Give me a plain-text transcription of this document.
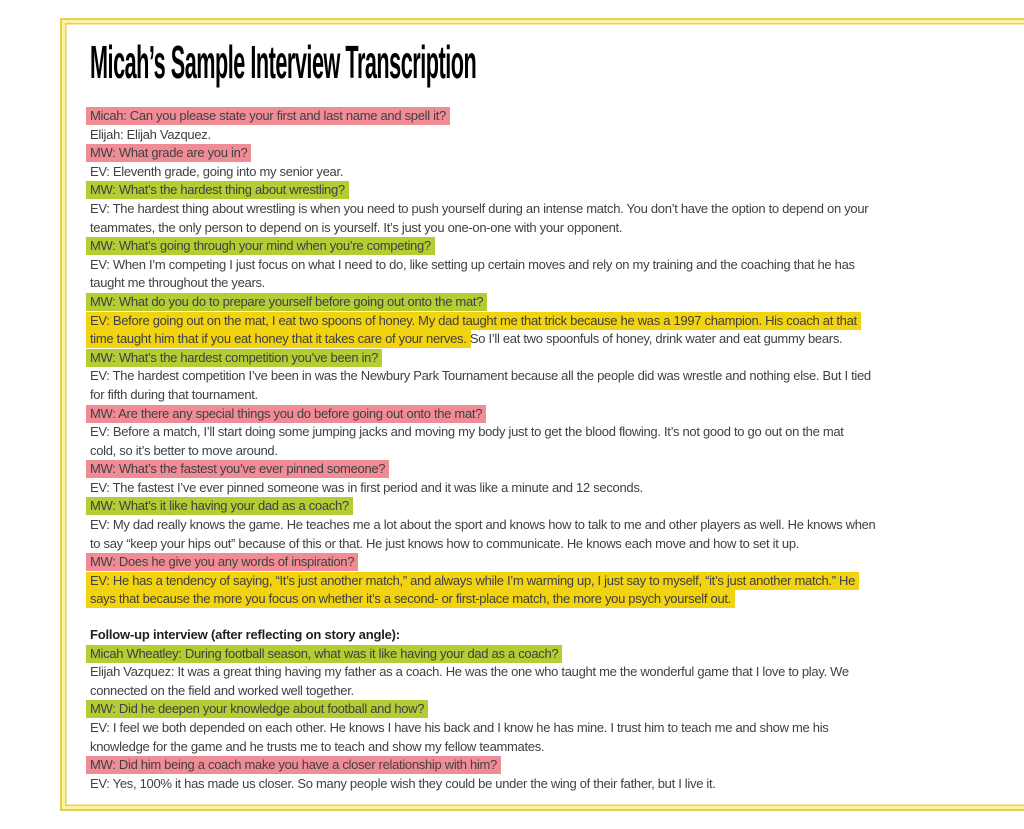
Micah’s Sample Interview Transcription
Micah: Can you please state your first and last name and spell it?
Elijah: Elijah Vazquez.
MW: What grade are you in?
EV: Eleventh grade, going into my senior year.
MW: What’s the hardest thing about wrestling?
EV: The hardest thing about wrestling is when you need to push yourself during an intense match. You don’t have the option to depend on your
teammates, the only person to depend on is yourself. It’s just you one-on-one with your opponent.
MW: What’s going through your mind when you’re competing?
EV: When I’m competing I just focus on what I need to do, like setting up certain moves and rely on my training and the coaching that he has
taught me throughout the years.
MW: What do you do to prepare yourself before going out onto the mat?
EV: Before going out on the mat, I eat two spoons of honey. My dad taught me that trick because he was a 1997 champion. His coach at that
time taught him that if you eat honey that it takes care of your nerves. So I’ll eat two spoonfuls of honey, drink water and eat gummy bears.
MW: What’s the hardest competition you’ve been in?
EV: The hardest competition I’ve been in was the Newbury Park Tournament because all the people did was wrestle and nothing else. But I tied
for fifth during that tournament.
MW: Are there any special things you do before going out onto the mat?
EV: Before a match, I’ll start doing some jumping jacks and moving my body just to get the blood flowing. It’s not good to go out on the mat
cold, so it’s better to move around.
MW: What’s the fastest you’ve ever pinned someone?
EV: The fastest I’ve ever pinned someone was in first period and it was like a minute and 12 seconds.
MW: What’s it like having your dad as a coach?
EV: My dad really knows the game. He teaches me a lot about the sport and knows how to talk to me and other players as well. He knows when
to say “keep your hips out” because of this or that. He just knows how to communicate. He knows each move and how to set it up.
MW: Does he give you any words of inspiration?
EV: He has a tendency of saying, “It’s just another match,” and always while I’m warming up, I just say to myself, “it’s just another match.” He
says that because the more you focus on whether it’s a second- or first-place match, the more you psych yourself out.
Follow-up interview (after reflecting on story angle):
Micah Wheatley: During football season, what was it like having your dad as a coach?
Elijah Vazquez: It was a great thing having my father as a coach. He was the one who taught me the wonderful game that I love to play. We
connected on the field and worked well together.
MW: Did he deepen your knowledge about football and how?
EV: I feel we both depended on each other. He knows I have his back and I know he has mine. I trust him to teach me and show me his
knowledge for the game and he trusts me to teach and show my fellow teammates.
MW: Did him being a coach make you have a closer relationship with him?
EV: Yes, 100% it has made us closer. So many people wish they could be under the wing of their father, but I live it.
